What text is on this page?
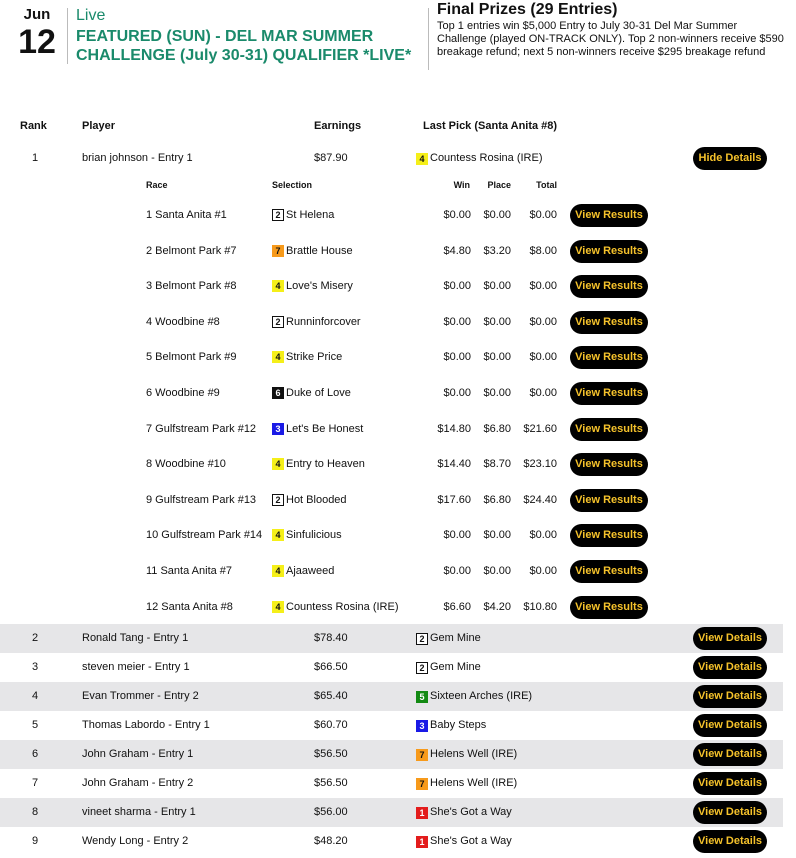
Jun
12
Live
FEATURED (SUN) - DEL MAR SUMMER CHALLENGE (July 30-31) QUALIFIER *LIVE*
Final Prizes (29 Entries)
Top 1 entries win $5,000 Entry to July 30-31 Del Mar Summer Challenge (played ON-TRACK ONLY). Top 2 non-winners receive $590 breakage refund; next 5 non-winners receive $295 breakage refund
Rank	Player	Earnings	Last Pick (Santa Anita #8)
1	brian johnson - Entry 1	$87.90	4 Countess Rosina (IRE)	Hide Details
2	Ronald Tang - Entry 1	$78.40	2 Gem Mine	View Details
3	steven meier - Entry 1	$66.50	2 Gem Mine	View Details
4	Evan Trommer - Entry 2	$65.40	5 Sixteen Arches (IRE)	View Details
5	Thomas Labordo - Entry 1	$60.70	3 Baby Steps	View Details
6	John Graham - Entry 1	$56.50	7 Helens Well (IRE)	View Details
7	John Graham - Entry 2	$56.50	7 Helens Well (IRE)	View Details
8	vineet sharma - Entry 1	$56.00	1 She's Got a Way	View Details
9	Wendy Long - Entry 2	$48.20	1 She's Got a Way	View Details
Race	Selection	Win	Place	Total
1 Santa Anita #1	2 St Helena	$0.00	$0.00	$0.00	View Results
2 Belmont Park #7	7 Brattle House	$4.80	$3.20	$8.00	View Results
3 Belmont Park #8	4 Love's Misery	$0.00	$0.00	$0.00	View Results
4 Woodbine #8	2 Runninforcover	$0.00	$0.00	$0.00	View Results
5 Belmont Park #9	4 Strike Price	$0.00	$0.00	$0.00	View Results
6 Woodbine #9	6 Duke of Love	$0.00	$0.00	$0.00	View Results
7 Gulfstream Park #12	3 Let's Be Honest	$14.80	$6.80	$21.60	View Results
8 Woodbine #10	4 Entry to Heaven	$14.40	$8.70	$23.10	View Results
9 Gulfstream Park #13	2 Hot Blooded	$17.60	$6.80	$24.40	View Results
10 Gulfstream Park #14	4 Sinfulicious	$0.00	$0.00	$0.00	View Results
11 Santa Anita #7	4 Ajaaweed	$0.00	$0.00	$0.00	View Results
12 Santa Anita #8	4 Countess Rosina (IRE)	$6.60	$4.20	$10.80	View Results
